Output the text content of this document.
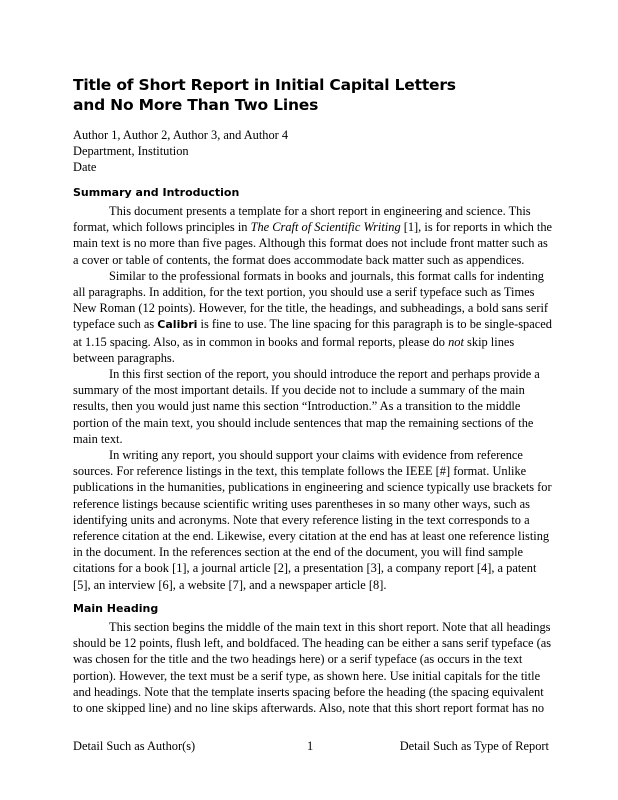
Title of Short Report in Initial Capital Letters
and No More Than Two Lines
Author 1, Author 2, Author 3, and Author 4
Department, Institution
Date
Summary and Introduction
This document presents a template for a short report in engineering and science. This
format, which follows principles in The Craft of Scientific Writing [1], is for reports in which the
main text is no more than five pages. Although this format does not include front matter such as
a cover or table of contents, the format does accommodate back matter such as appendices.
Similar to the professional formats in books and journals, this format calls for indenting
all paragraphs. In addition, for the text portion, you should use a serif typeface such as Times
New Roman (12 points). However, for the title, the headings, and subheadings, a bold sans serif
typeface such as Calibri is fine to use. The line spacing for this paragraph is to be single-spaced
at 1.15 spacing. Also, as in common in books and formal reports, please do not skip lines
between paragraphs.
In this first section of the report, you should introduce the report and perhaps provide a
summary of the most important details. If you decide not to include a summary of the main
results, then you would just name this section “Introduction.” As a transition to the middle
portion of the main text, you should include sentences that map the remaining sections of the
main text.
In writing any report, you should support your claims with evidence from reference
sources. For reference listings in the text, this template follows the IEEE [#] format. Unlike
publications in the humanities, publications in engineering and science typically use brackets for
reference listings because scientific writing uses parentheses in so many other ways, such as
identifying units and acronyms. Note that every reference listing in the text corresponds to a
reference citation at the end. Likewise, every citation at the end has at least one reference listing
in the document. In the references section at the end of the document, you will find sample
citations for a book [1], a journal article [2], a presentation [3], a company report [4], a patent
[5], an interview [6], a website [7], and a newspaper article [8].
Main Heading
This section begins the middle of the main text in this short report. Note that all headings
should be 12 points, flush left, and boldfaced. The heading can be either a sans serif typeface (as
was chosen for the title and the two headings here) or a serif typeface (as occurs in the text
portion). However, the text must be a serif type, as shown here. Use initial capitals for the title
and headings. Note that the template inserts spacing before the heading (the spacing equivalent
to one skipped line) and no line skips afterwards. Also, note that this short report format has no
Detail Such as Author(s)	1	Detail Such as Type of Report
